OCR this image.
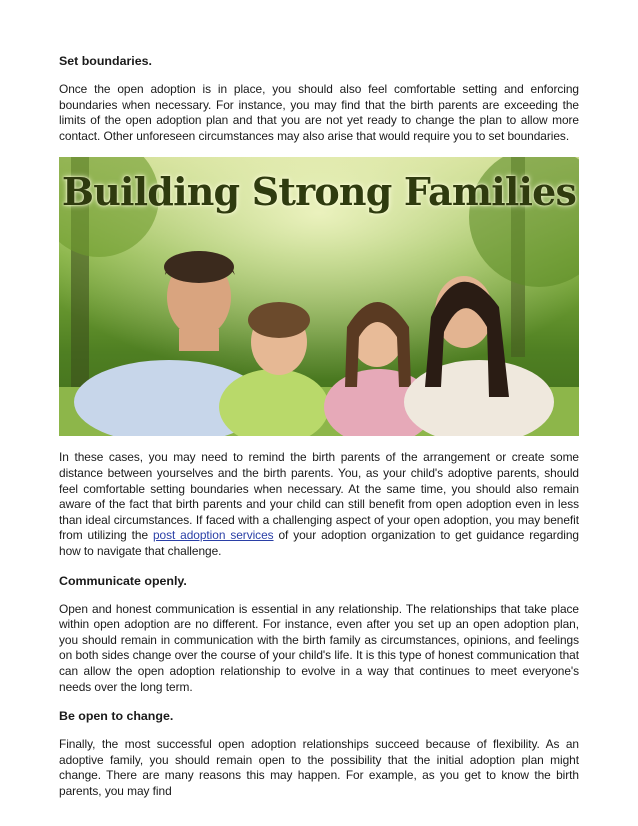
Set boundaries.

Once the open adoption is in place, you should also feel comfortable setting and enforcing boundaries when necessary. For instance, you may find that the birth parents are exceeding the limits of the open adoption plan and that you are not yet ready to change the plan to allow more contact. Other unforeseen circumstances may also arise that would require you to set boundaries.

Building Strong Families

In these cases, you may need to remind the birth parents of the arrangement or create some distance between yourselves and the birth parents. You, as your child's adoptive parents, should feel comfortable setting boundaries when necessary. At the same time, you should also remain aware of the fact that birth parents and your child can still benefit from open adoption even in less than ideal circumstances. If faced with a challenging aspect of your open adoption, you may benefit from utilizing the post adoption services of your adoption organization to get guidance regarding how to navigate that challenge.

Communicate openly.

Open and honest communication is essential in any relationship. The relationships that take place within open adoption are no different. For instance, even after you set up an open adoption plan, you should remain in communication with the birth family as circumstances, opinions, and feelings on both sides change over the course of your child's life. It is this type of honest communication that can allow the open adoption relationship to evolve in a way that continues to meet everyone's needs over the long term.

Be open to change.

Finally, the most successful open adoption relationships succeed because of flexibility. As an adoptive family, you should remain open to the possibility that the initial adoption plan might change. There are many reasons this may happen. For example, as you get to know the birth parents, you may find
